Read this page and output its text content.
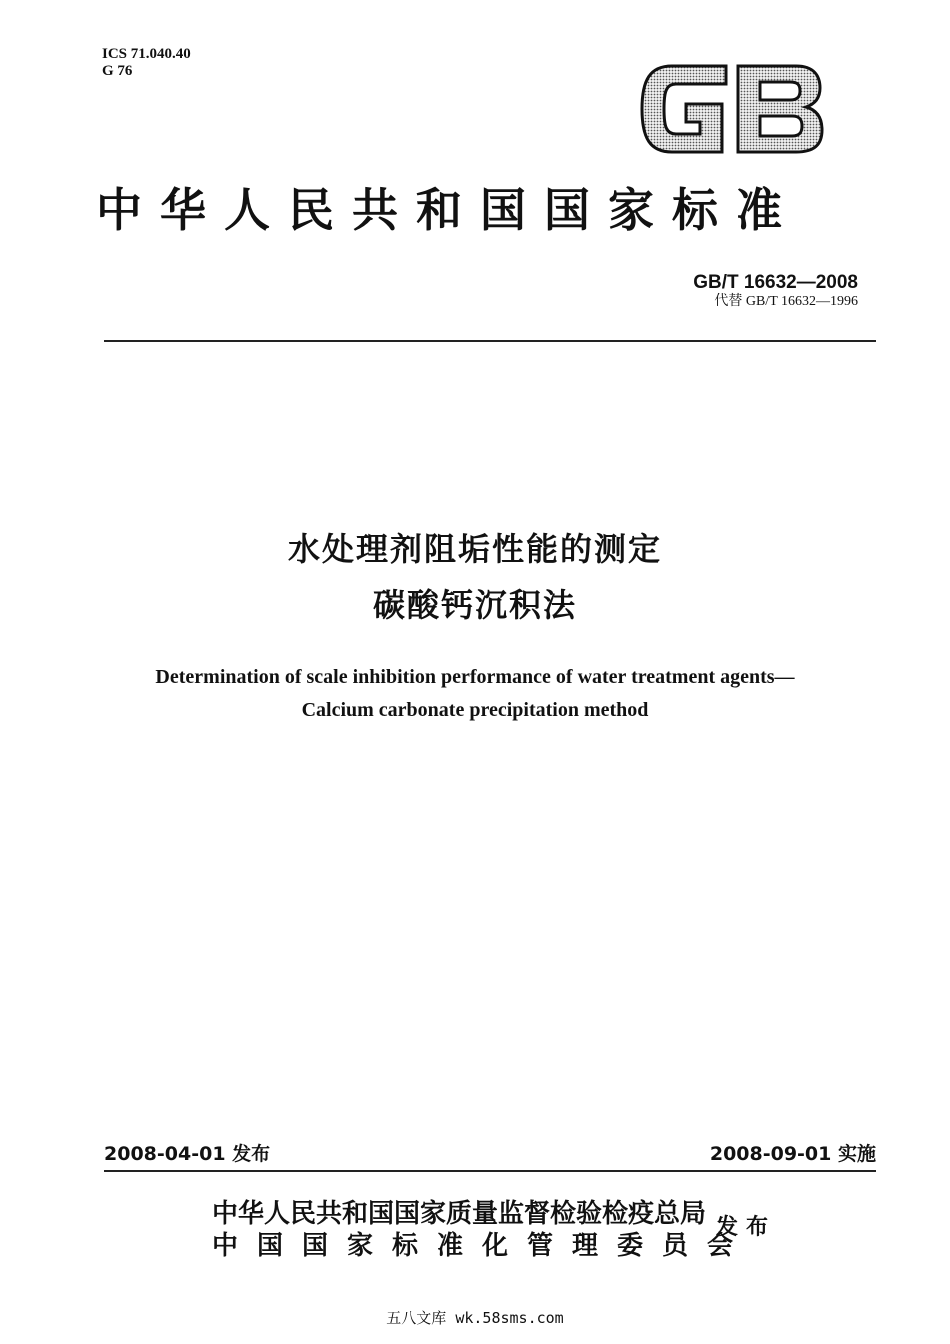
ICS 71.040.40
G 76
中华人民共和国国家标准
GB/T 16632—2008
代替 GB/T 16632—1996
水处理剂阻垢性能的测定
碳酸钙沉积法
Determination of scale inhibition performance of water treatment agents—
Calcium carbonate precipitation method
2008-04-01 发布	2008-09-01 实施
中华人民共和国国家质量监督检验检疫总局
中国国家标准化管理委员会
发布
五八文库 wk.58sms.com
